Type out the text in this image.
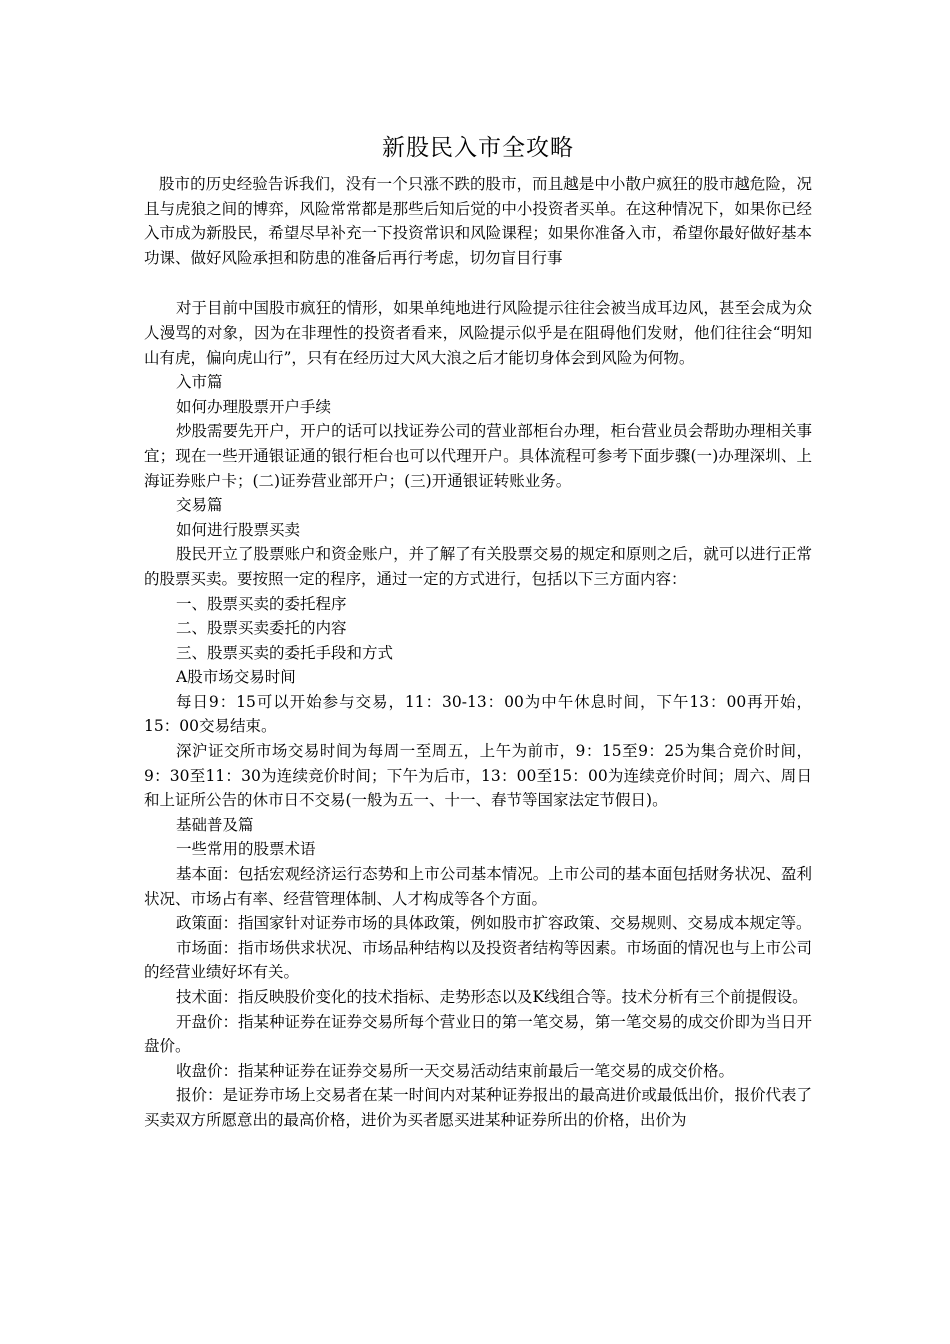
新股民入市全攻略

股市的历史经验告诉我们，没有一个只涨不跌的股市，而且越是中小散户疯狂的股市越危险，况且与虎狼之间的博弈，风险常常都是那些后知后觉的中小投资者买单。在这种情况下，如果你已经入市成为新股民，希望尽早补充一下投资常识和风险课程；如果你准备入市，希望你最好做好基本功课、做好风险承担和防患的准备后再行考虑，切勿盲目行事

对于目前中国股市疯狂的情形，如果单纯地进行风险提示往往会被当成耳边风，甚至会成为众人漫骂的对象，因为在非理性的投资者看来，风险提示似乎是在阻碍他们发财，他们往往会“明知山有虎，偏向虎山行”，只有在经历过大风大浪之后才能切身体会到风险为何物。

入市篇

如何办理股票开户手续

炒股需要先开户，开户的话可以找证券公司的营业部柜台办理，柜台营业员会帮助办理相关事宜；现在一些开通银证通的银行柜台也可以代理开户。具体流程可参考下面步骤(一)办理深圳、上海证券账户卡；(二)证券营业部开户；(三)开通银证转账业务。

交易篇

如何进行股票买卖

股民开立了股票账户和资金账户，并了解了有关股票交易的规定和原则之后，就可以进行正常的股票买卖。要按照一定的程序，通过一定的方式进行，包括以下三方面内容：

一、股票买卖的委托程序

二、股票买卖委托的内容

三、股票买卖的委托手段和方式

A股市场交易时间

每日9：15可以开始参与交易，11：30-13：00为中午休息时间，下午13：00再开始，15：00交易结束。

深沪证交所市场交易时间为每周一至周五，上午为前市，9：15至9：25为集合竞价时间，9：30至11：30为连续竞价时间；下午为后市，13：00至15：00为连续竞价时间；周六、周日和上证所公告的休市日不交易(一般为五一、十一、春节等国家法定节假日)。

基础普及篇

一些常用的股票术语

基本面：包括宏观经济运行态势和上市公司基本情况。上市公司的基本面包括财务状况、盈利状况、市场占有率、经营管理体制、人才构成等各个方面。

政策面：指国家针对证券市场的具体政策，例如股市扩容政策、交易规则、交易成本规定等。

市场面：指市场供求状况、市场品种结构以及投资者结构等因素。市场面的情况也与上市公司的经营业绩好坏有关。

技术面：指反映股价变化的技术指标、走势形态以及K线组合等。技术分析有三个前提假设。

开盘价：指某种证券在证券交易所每个营业日的第一笔交易，第一笔交易的成交价即为当日开盘价。

收盘价：指某种证券在证券交易所一天交易活动结束前最后一笔交易的成交价格。

报价：是证券市场上交易者在某一时间内对某种证券报出的最高进价或最低出价，报价代表了买卖双方所愿意出的最高价格，进价为买者愿买进某种证券所出的价格，出价为
